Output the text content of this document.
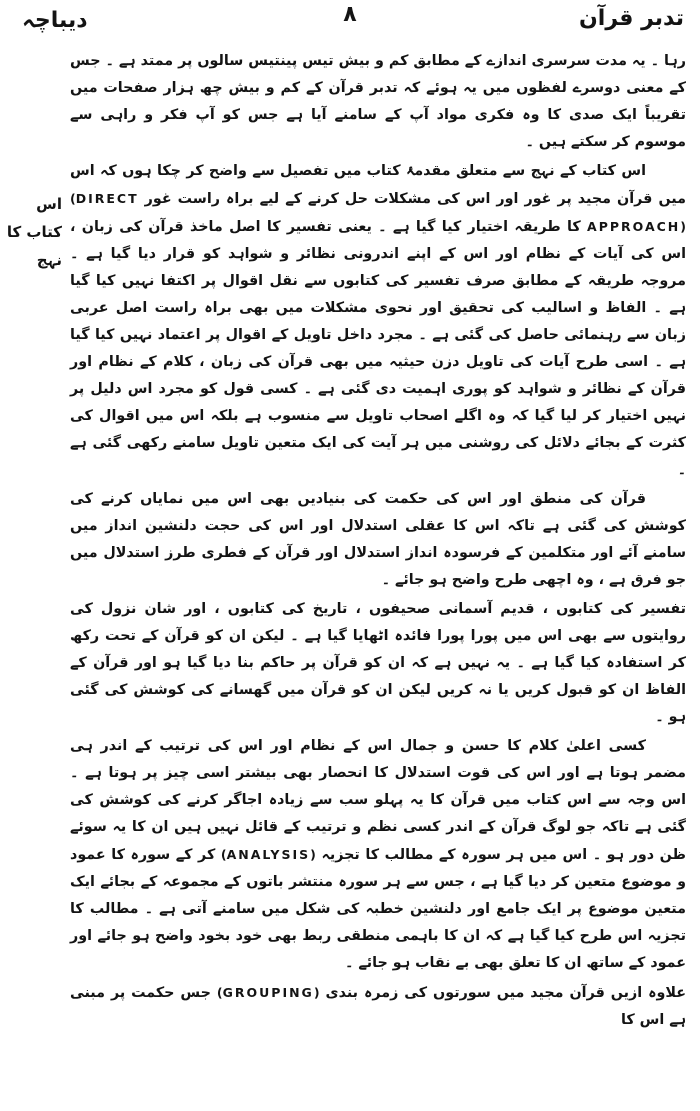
تدبر قرآن
۸
دیباچہ
اس کتاب کا نہج

رہا ۔ یہ مدت سرسری اندازے کے مطابق کم و بیش تیس پینتیس سالوں پر ممتد ہے ۔ جس کے معنی دوسرے لفظوں میں یہ ہوئے کہ تدبر قرآن کے کم و بیش چھ ہزار صفحات میں تقریباً ایک صدی کا وہ فکری مواد آپ کے سامنے آیا ہے جس کو آپ فکر و راہی سے موسوم کر سکتے ہیں ۔

اس کتاب کے نہج سے متعلق مقدمۂ کتاب میں تفصیل سے واضح کر چکا ہوں کہ اس میں قرآن مجید پر غور اور اس کی مشکلات حل کرنے کے لیے براہ راست غور (DIRECT APPROACH) کا طریقہ اختیار کیا گیا ہے ۔ یعنی تفسیر کا اصل ماخذ قرآن کی زبان ، اس کی آیات کے نظام اور اس کے اپنے اندرونی نظائر و شواہد کو قرار دیا گیا ہے ۔ مروجہ طریقہ کے مطابق صرف تفسیر کی کتابوں سے نقل اقوال پر اکتفا نہیں کیا گیا ہے ۔ الفاظ و اسالیب کی تحقیق اور نحوی مشکلات میں بھی براہ راست اصل عربی زبان سے رہنمائی حاصل کی گئی ہے ۔ مجرد داخل تاویل کے اقوال پر اعتماد نہیں کیا گیا ہے ۔ اسی طرح آیات کی تاویل دزن حیثیہ میں بھی قرآن کی زبان ، کلام کے نظام اور قرآن کے نظائر و شواہد کو پوری اہمیت دی گئی ہے ۔ کسی قول کو مجرد اس دلیل پر نہیں اختیار کر لیا گیا کہ وہ اگلے اصحاب تاویل سے منسوب ہے بلکہ اس میں اقوال کی کثرت کے بجائے دلائل کی روشنی میں ہر آیت کی ایک متعین تاویل سامنے رکھی گئی ہے ۔

قرآن کی منطق اور اس کی حکمت کی بنیادیں بھی اس میں نمایاں کرنے کی کوشش کی گئی ہے تاکہ اس کا عقلی استدلال اور اس کی حجت دلنشین انداز میں سامنے آئے اور متکلمین کے فرسودہ انداز استدلال اور قرآن کے فطری طرز استدلال میں جو فرق ہے ، وہ اچھی طرح واضح ہو جائے ۔

تفسیر کی کتابوں ، قدیم آسمانی صحیفوں ، تاریخ کی کتابوں ، اور شان نزول کی روایتوں سے بھی اس میں پورا پورا فائدہ اٹھایا گیا ہے ۔ لیکن ان کو قرآن کے تحت رکھ کر استفادہ کیا گیا ہے ۔ یہ نہیں ہے کہ ان کو قرآن پر حاکم بنا دیا گیا ہو اور قرآن کے الفاظ ان کو قبول کریں یا نہ کریں لیکن ان کو قرآن میں گھسانے کی کوشش کی گئی ہو ۔

کسی اعلیٰ کلام کا حسن و جمال اس کے نظام اور اس کی ترتیب کے اندر ہی مضمر ہوتا ہے اور اس کی قوت استدلال کا انحصار بھی بیشتر اسی چیز پر ہوتا ہے ۔ اس وجہ سے اس کتاب میں قرآن کا یہ پہلو سب سے زیادہ اجاگر کرنے کی کوشش کی گئی ہے تاکہ جو لوگ قرآن کے اندر کسی نظم و ترتیب کے قائل نہیں ہیں ان کا یہ سوئے ظن دور ہو ۔ اس میں ہر سورہ کے مطالب کا تجزیہ (ANALYSIS) کر کے سورہ کا عمود و موضوع متعین کر دیا گیا ہے ، جس سے ہر سورہ منتشر باتوں کے مجموعہ کے بجائے ایک متعین موضوع پر ایک جامع اور دلنشین خطبہ کی شکل میں سامنے آتی ہے ۔ مطالب کا تجزیہ اس طرح کیا گیا ہے کہ ان کا باہمی منطقی ربط بھی خود بخود واضح ہو جائے اور عمود کے ساتھ ان کا تعلق بھی بے نقاب ہو جائے ۔

علاوہ ازیں قرآن مجید میں سورتوں کی زمرہ بندی (GROUPING) جس حکمت پر مبنی ہے اس کا
